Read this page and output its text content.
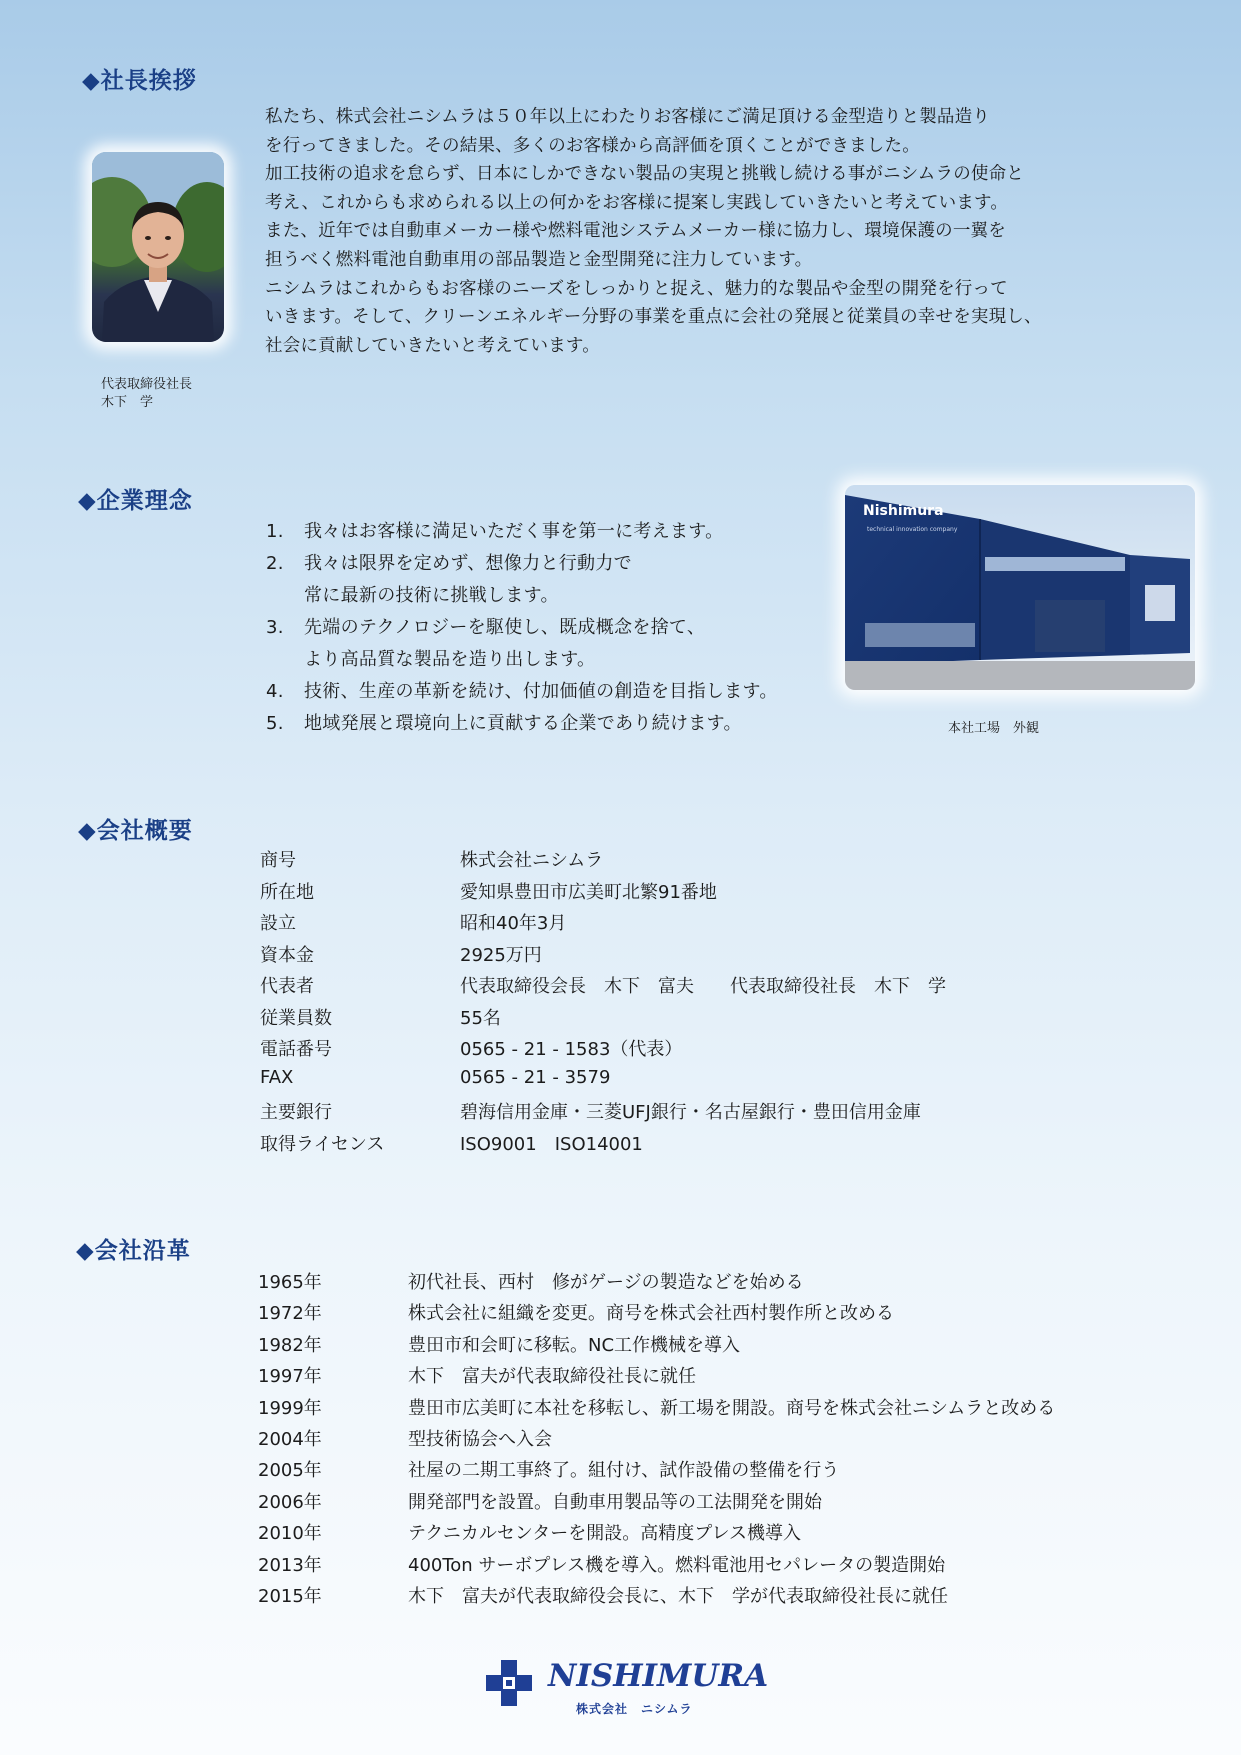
◆社長挨拶
代表取締役社長
木下　学
私たち、株式会社ニシムラは５０年以上にわたりお客様にご満足頂ける金型造りと製品造り
を行ってきました。その結果、多くのお客様から高評価を頂くことができました。
加工技術の追求を怠らず、日本にしかできない製品の実現と挑戦し続ける事がニシムラの使命と
考え、これからも求められる以上の何かをお客様に提案し実践していきたいと考えています。
また、近年では自動車メーカー様や燃料電池システムメーカー様に協力し、環境保護の一翼を
担うべく燃料電池自動車用の部品製造と金型開発に注力しています。
ニシムラはこれからもお客様のニーズをしっかりと捉え、魅力的な製品や金型の開発を行って
いきます。そして、クリーンエネルギー分野の事業を重点に会社の発展と従業員の幸せを実現し、
社会に貢献していきたいと考えています。
◆企業理念
1. 我々はお客様に満足いただく事を第一に考えます。
2. 我々は限界を定めず、想像力と行動力で
常に最新の技術に挑戦します。
3. 先端のテクノロジーを駆使し、既成概念を捨て、
より高品質な製品を造り出します。
4. 技術、生産の革新を続け、付加価値の創造を目指します。
5. 地域発展と環境向上に貢献する企業であり続けます。
Nishimura
technical innovation company
本社工場　外観
◆会社概要
商号	株式会社ニシムラ
所在地	愛知県豊田市広美町北繁91番地
設立	昭和40年3月
資本金	2925万円
代表者	代表取締役会長　木下　富夫　　代表取締役社長　木下　学
従業員数	55名
電話番号	0565 - 21 - 1583（代表）
FAX	0565 - 21 - 3579
主要銀行	碧海信用金庫・三菱UFJ銀行・名古屋銀行・豊田信用金庫
取得ライセンス	ISO9001　ISO14001
◆会社沿革
1965年	初代社長、西村　修がゲージの製造などを始める
1972年	株式会社に組織を変更。商号を株式会社西村製作所と改める
1982年	豊田市和会町に移転。NC工作機械を導入
1997年	木下　富夫が代表取締役社長に就任
1999年	豊田市広美町に本社を移転し、新工場を開設。商号を株式会社ニシムラと改める
2004年	型技術協会へ入会
2005年	社屋の二期工事終了。組付け、試作設備の整備を行う
2006年	開発部門を設置。自動車用製品等の工法開発を開始
2010年	テクニカルセンターを開設。高精度プレス機導入
2013年	400Ton サーボプレス機を導入。燃料電池用セパレータの製造開始
2015年	木下　富夫が代表取締役会長に、木下　学が代表取締役社長に就任
NISHIMURA
株式会社　ニシムラ
